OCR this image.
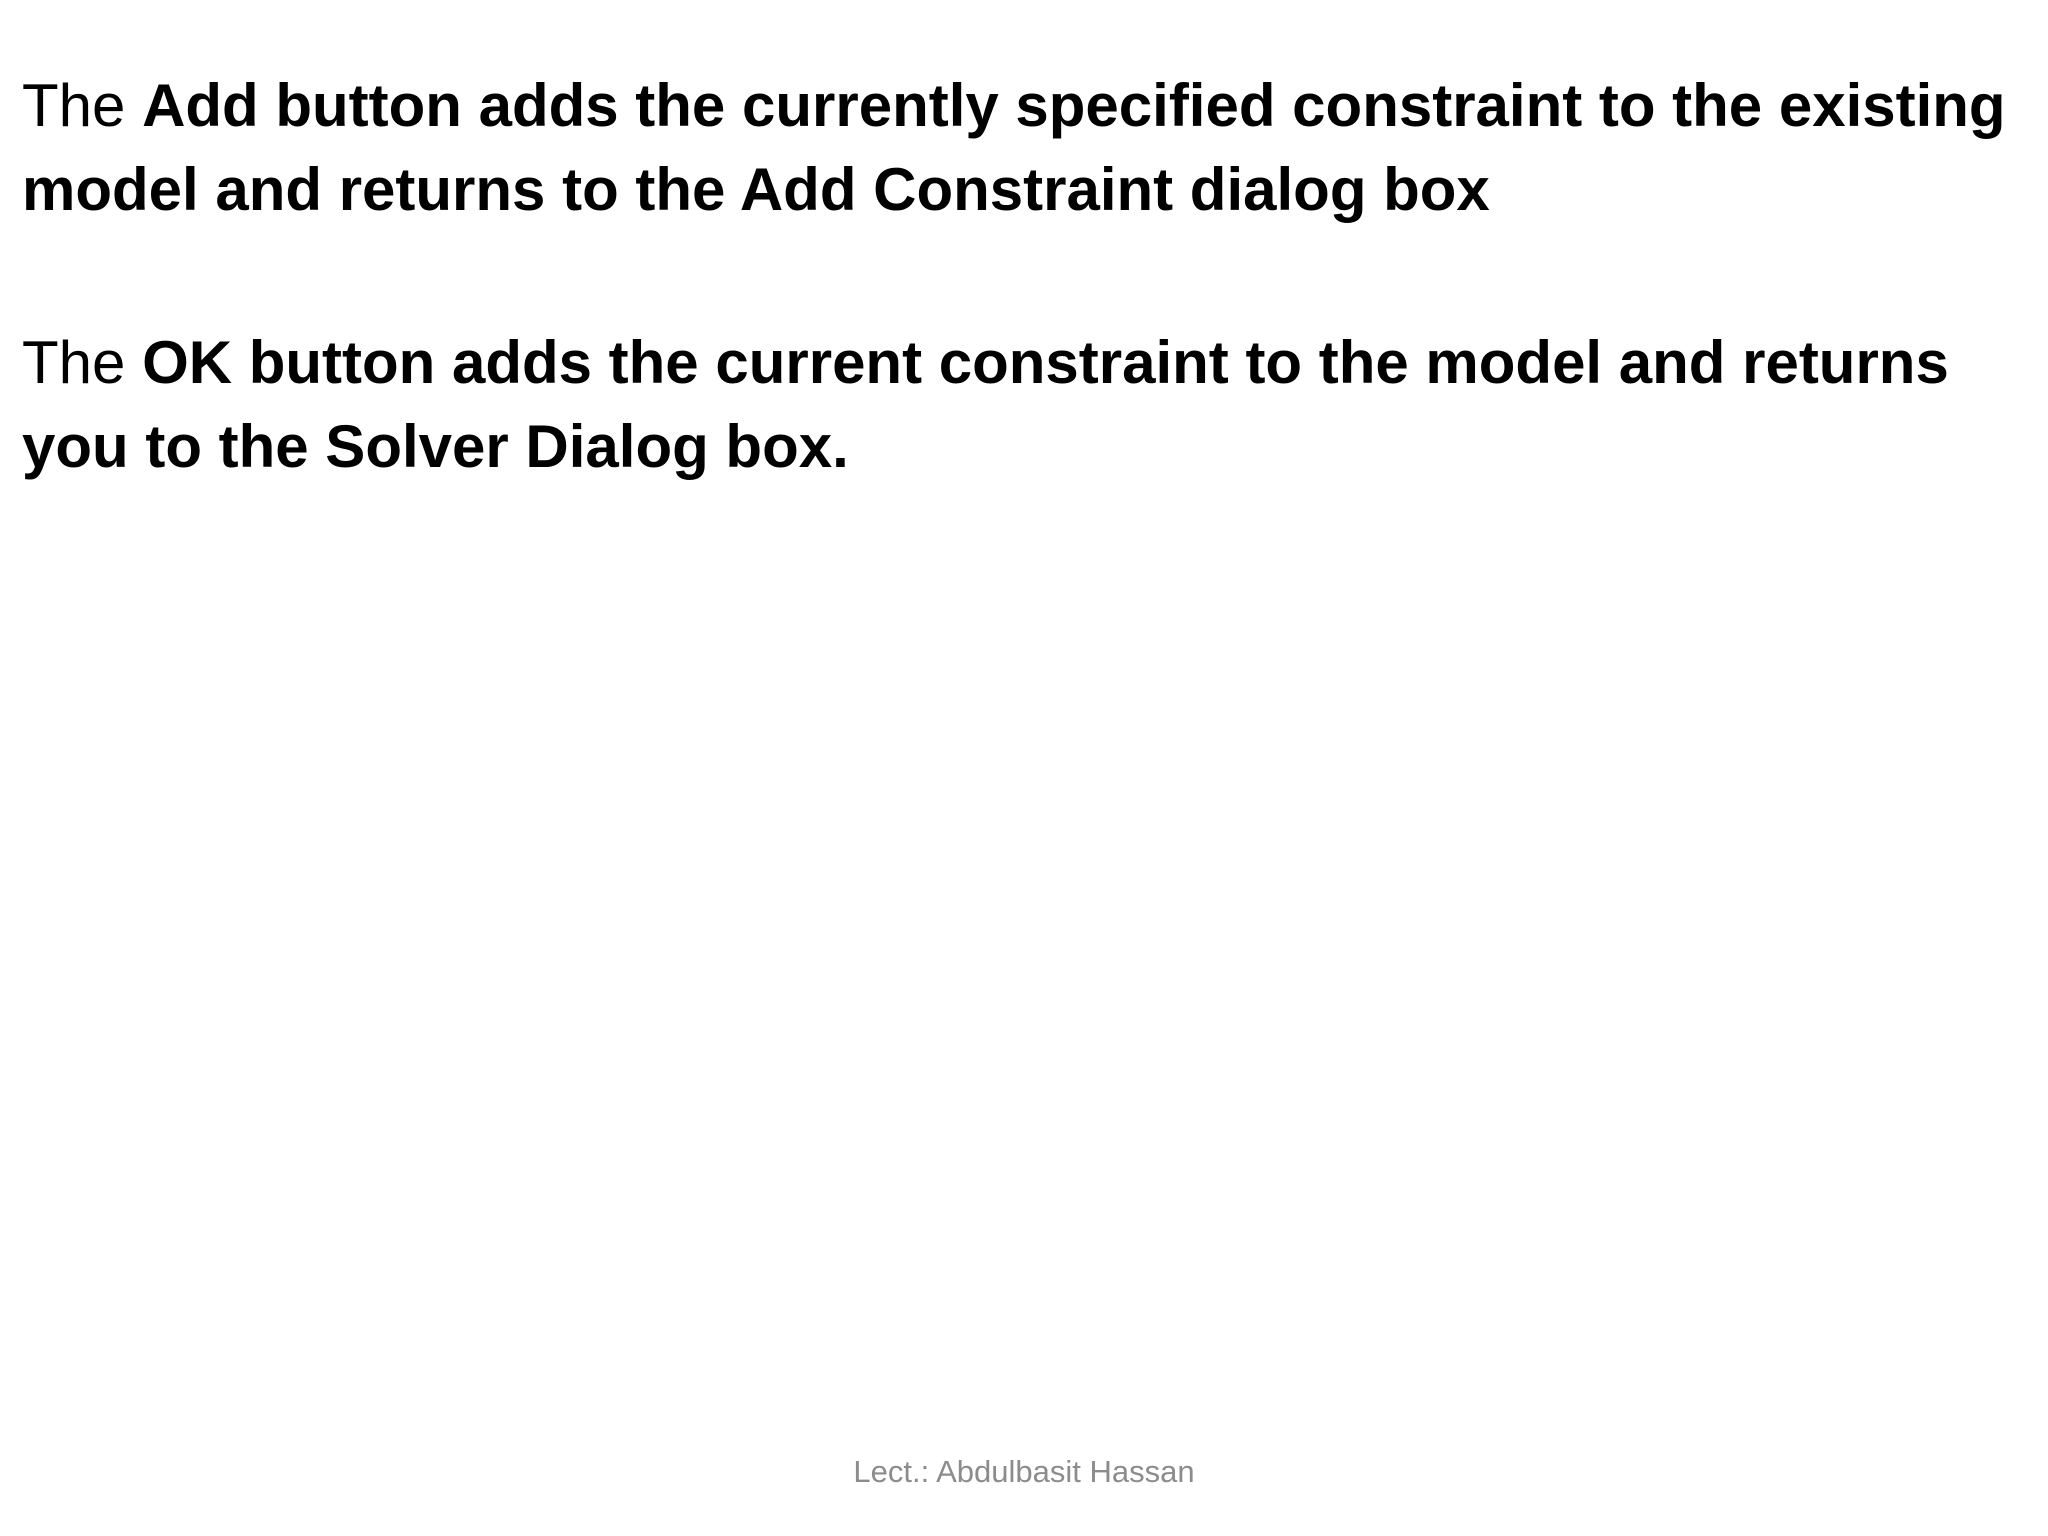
The Add button adds the currently specified constraint to the existing model and returns to the Add Constraint dialog box

The OK button adds the current constraint to the model and returns you to the Solver Dialog box.

Lect.: Abdulbasit Hassan
